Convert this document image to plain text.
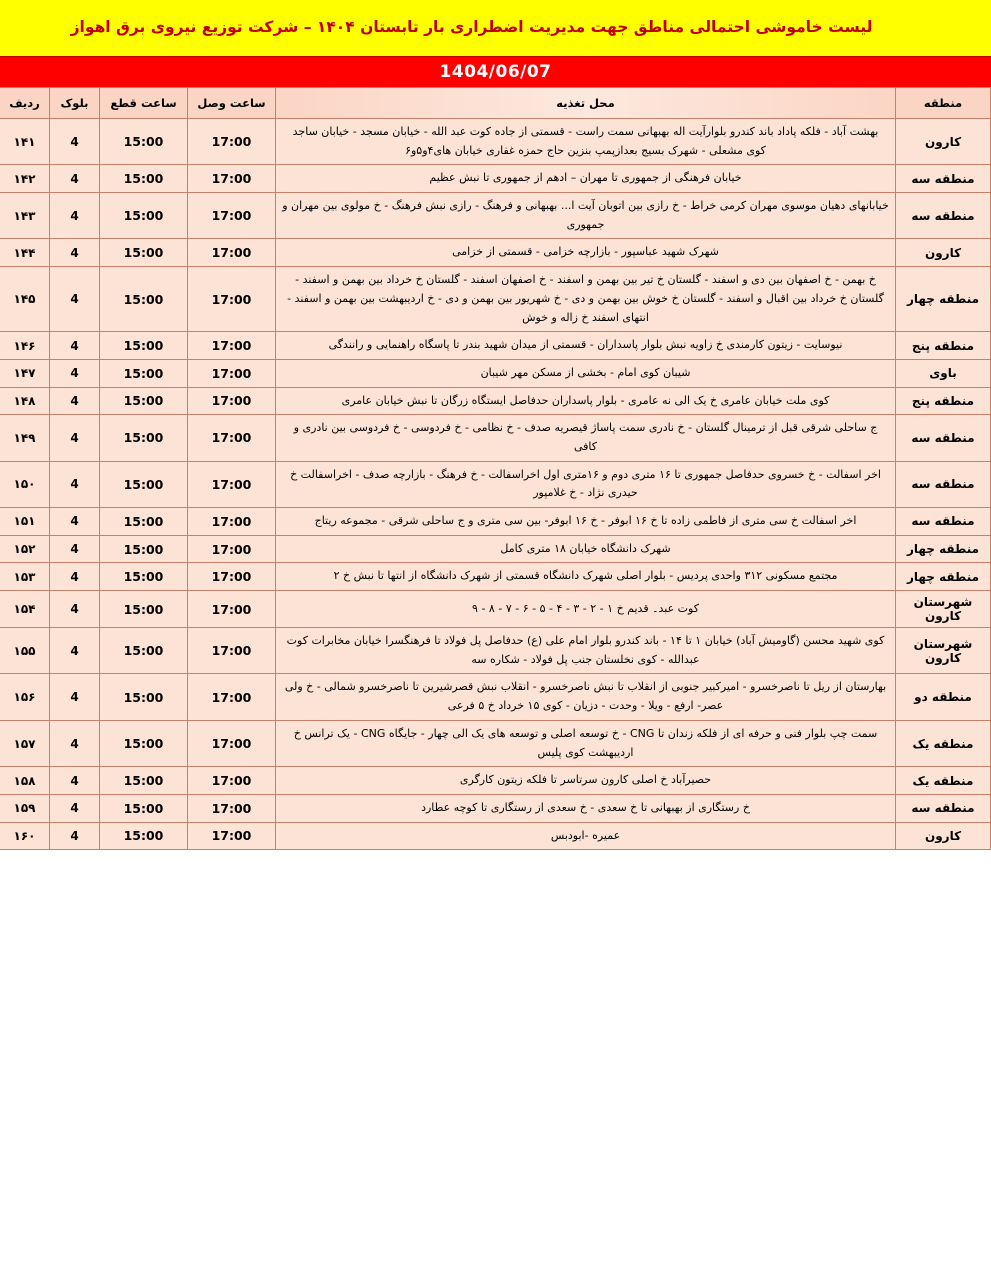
لیست خاموشی احتمالی مناطق جهت مدیریت اضطراری بار تابستان ۱۴۰۴ – شرکت توزیع نیروی برق اهواز
1404/06/07
منطقه	محل تغذیه	ساعت وصل	ساعت قطع	بلوک	ردیف
کارون	بهشت آباد - فلکه پاداد باند کندرو بلوارآیت اله بهبهانی سمت راست - قسمتی از جاده کوت عبد الله - خیابان مسجد - خیابان ساجد کوی مشعلی - شهرک بسیج بعدازپمپ بنزین حاج حمزه غفاری خیابان های۴و۵و۶	17:00	15:00	4	۱۴۱
منطقه سه	خیابان فرهنگی از جمهوری تا مهران – ادهم از جمهوری تا نبش عظیم	17:00	15:00	4	۱۴۲
منطقه سه	خیابانهای دهیان موسوی مهران کرمی خراط - خ رازی بین اتوبان آیت ا... بهبهانی و فرهنگ - رازی نبش فرهنگ - خ مولوی بین مهران و جمهوری	17:00	15:00	4	۱۴۳
کارون	شهرک شهید عباسپور - بازارچه خزامی - قسمتی از خزامی	17:00	15:00	4	۱۴۴
منطقه چهار	خ بهمن - خ اصفهان بین دی و اسفند - گلستان خ تیر بین بهمن و اسفند - خ اصفهان اسفند - گلستان خ خرداد بین بهمن و اسفند - گلستان خ خرداد بین اقبال و اسفند - گلستان خ خوش بین بهمن و دی - خ شهریور بین بهمن و دی - خ اردیبهشت بین بهمن و اسفند - انتهای اسفند خ زاله و خوش	17:00	15:00	4	۱۴۵
منطقه پنج	نیوسایت - زیتون کارمندی خ زاویه نبش بلوار پاسداران - قسمتی از میدان شهید بندر تا پاسگاه راهنمایی و رانندگی	17:00	15:00	4	۱۴۶
باوی	شیبان کوی امام - بخشی از مسکن مهر شیبان	17:00	15:00	4	۱۴۷
منطقه پنج	کوی ملت خیابان عامری خ یک الی نه عامری - بلوار پاسداران حدفاصل ایستگاه زرگان تا نبش خیابان عامری	17:00	15:00	4	۱۴۸
منطقه سه	ج ساحلی شرقی قبل از ترمینال گلستان - خ نادری سمت پاساژ قیصریه صدف - خ نظامی - خ فردوسی - خ فردوسی بین نادری و کافی	17:00	15:00	4	۱۴۹
منطقه سه	اخر اسفالت - خ خسروی حدفاصل جمهوری تا ۱۶ متری دوم و ۱۶متری اول اخراسفالت - خ فرهنگ - بازارچه صدف - اخراسفالت خ حیدری نژاد - خ غلامپور	17:00	15:00	4	۱۵۰
منطقه سه	اخر اسفالت خ سی متری از فاطمی زاده تا خ ۱۶ ابوفر - خ ۱۶ ابوفر- بین سی متری و ج ساحلی شرقی - مجموعه ریتاج	17:00	15:00	4	۱۵۱
منطقه چهار	شهرک دانشگاه خیابان ۱۸ متری کامل	17:00	15:00	4	۱۵۲
منطقه چهار	مجتمع مسکونی ۳۱۲ واحدی پردیس - بلوار اصلی شهرک دانشگاه قسمتی از شهرک دانشگاه از انتها تا نبش خ ۲	17:00	15:00	4	۱۵۳
شهرستان کارون	کوت عبد۔ قدیم خ ۱ - ۲ - ۳ - ۴ - ۵ - ۶ - ۷ - ۸ - ۹	17:00	15:00	4	۱۵۴
شهرستان کارون	کوی شهید محسن (گاومیش آباد) خیابان ۱ تا ۱۴ - باند کندرو بلوار امام علی (ع) حدفاصل پل فولاد تا فرهنگسرا خیابان مخابرات کوت عبدالله - کوی نخلستان جنب پل فولاد - شکاره سه	17:00	15:00	4	۱۵۵
منطقه دو	بهارستان از ریل تا ناصرخسرو - امیرکبیر جنوبی از انقلاب تا نبش ناصرخسرو - انقلاب نبش قصرشیرین تا ناصرخسرو شمالی - خ ولی عصر- ارفع - ویلا - وحدت - دزیان - کوی ۱۵ خرداد خ ۵ فرعی	17:00	15:00	4	۱۵۶
منطقه یک	سمت چپ بلوار فنی و حرفه ای از فلکه زندان تا CNG - خ توسعه اصلی و توسعه های یک الی چهار - جایگاه CNG - یک ترانس خ اردیبهشت کوی پلیس	17:00	15:00	4	۱۵۷
منطقه یک	حصیرآباد خ اصلی کارون سرتاسر تا فلکه زیتون کارگری	17:00	15:00	4	۱۵۸
منطقه سه	خ رستگاری از بهبهانی تا خ سعدی - خ سعدی از رستگاری تا کوچه عطارد	17:00	15:00	4	۱۵۹
کارون	عمیره -ابودبس	17:00	15:00	4	۱۶۰
